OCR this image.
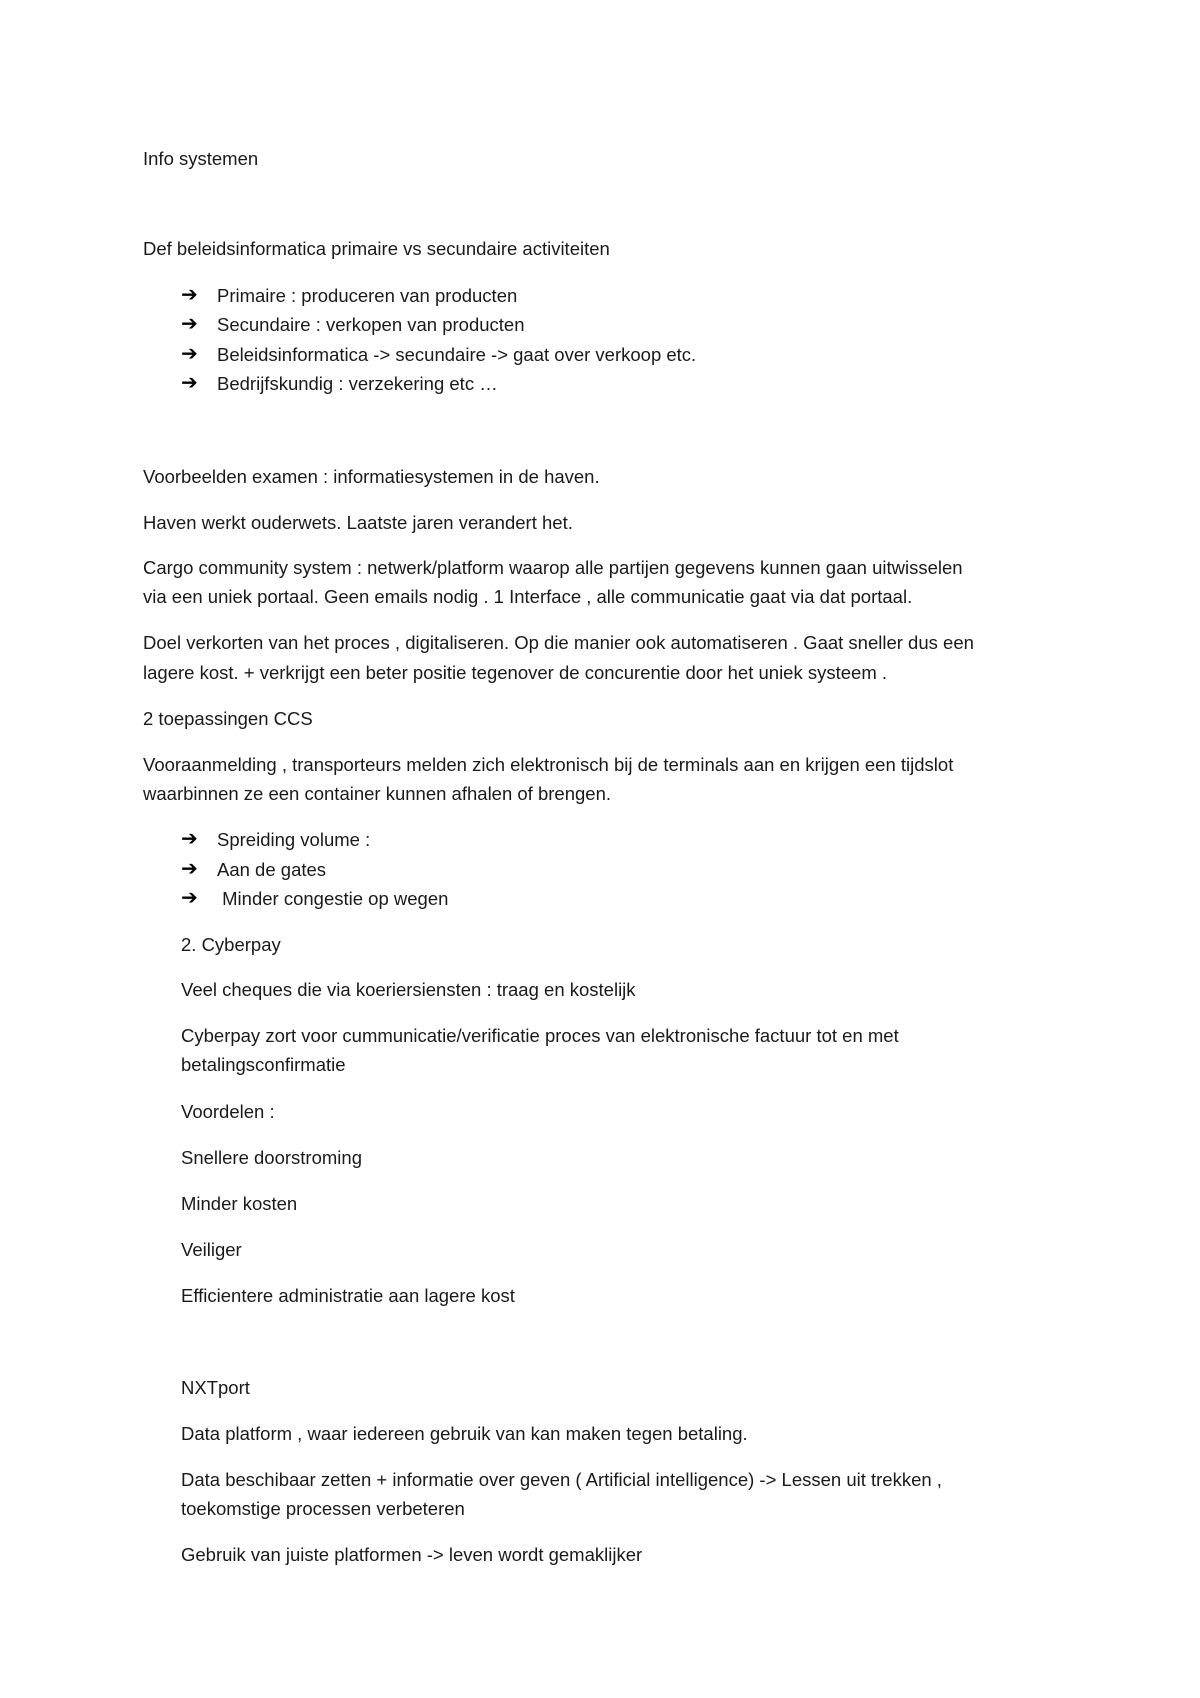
Info systemen

Def beleidsinformatica primaire vs secundaire activiteiten

➔	Primaire : produceren van producten
➔	Secundaire : verkopen van producten
➔	Beleidsinformatica -> secundaire -> gaat over verkoop etc.
➔	Bedrijfskundig : verzekering etc …

Voorbeelden examen : informatiesystemen in de haven.

Haven werkt ouderwets. Laatste jaren verandert het.

Cargo community system : netwerk/platform waarop alle partijen gegevens kunnen gaan uitwisselen

via een uniek portaal. Geen emails nodig . 1 Interface , alle communicatie gaat via dat portaal.

Doel verkorten van het proces , digitaliseren. Op die manier ook automatiseren . Gaat sneller dus een

lagere kost. + verkrijgt een beter positie tegenover de concurentie door het uniek systeem .

2 toepassingen CCS

Vooraanmelding , transporteurs melden zich elektronisch bij de terminals aan en krijgen een tijdslot

waarbinnen ze een container kunnen afhalen of brengen.

➔	Spreiding volume :
➔	Aan de gates
➔	Minder congestie op wegen

2. Cyberpay

Veel cheques die via koeriersiensten : traag en kostelijk

Cyberpay zort voor cummunicatie/verificatie proces van elektronische factuur tot en met

betalingsconfirmatie

Voordelen :

Snellere doorstroming

Minder kosten

Veiliger

Efficientere administratie aan lagere kost

NXTport

Data platform , waar iedereen gebruik van kan maken tegen betaling.

Data beschibaar zetten + informatie over geven ( Artificial intelligence) -> Lessen uit trekken ,

toekomstige processen verbeteren

Gebruik van juiste platformen -> leven wordt gemaklijker
